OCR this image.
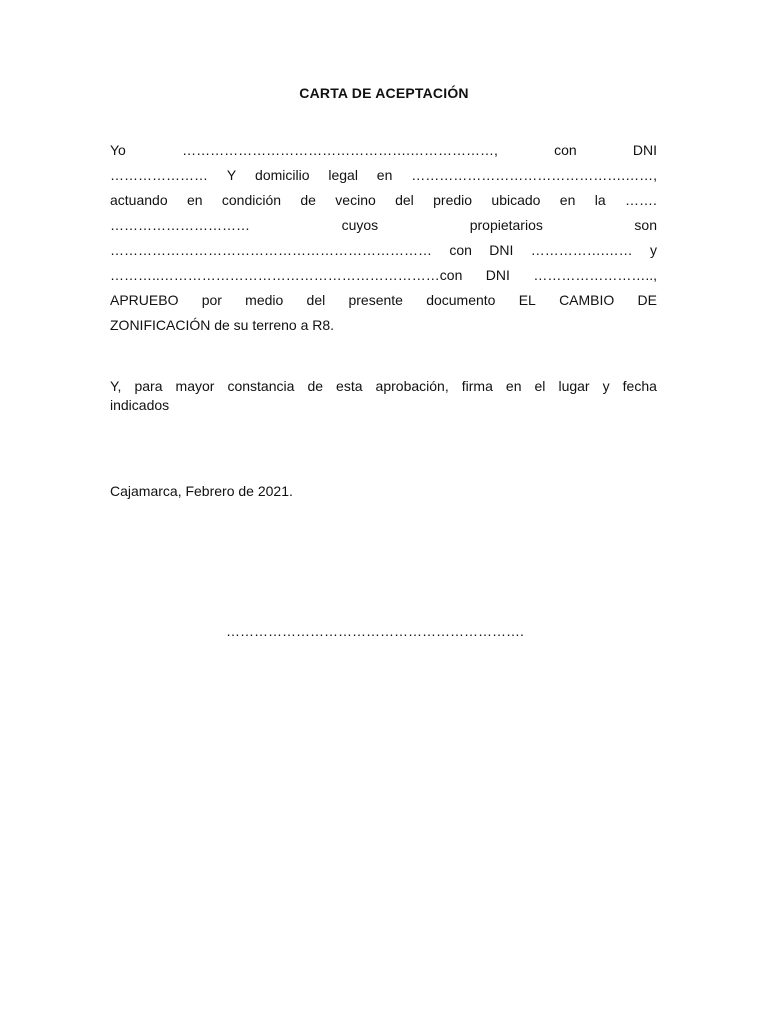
CARTA DE ACEPTACIÓN
Yo	………………………………………….………………,	con	DNI
………………… Y domicilio legal en ……………………………………….……,
actuando en condición de vecino del predio ubicado en la …….
…………………………	cuyos	propietarios	son
…………………………………………………………… con DNI …………….…… y
………..……………………………………………………con DNI ……………………..,
APRUEBO por medio del presente documento EL CAMBIO DE
ZONIFICACIÓN de su terreno a R8.
Y, para mayor constancia de esta aprobación, firma en el lugar y fecha
indicados
Cajamarca, Febrero de 2021.
……………………………………………………….
